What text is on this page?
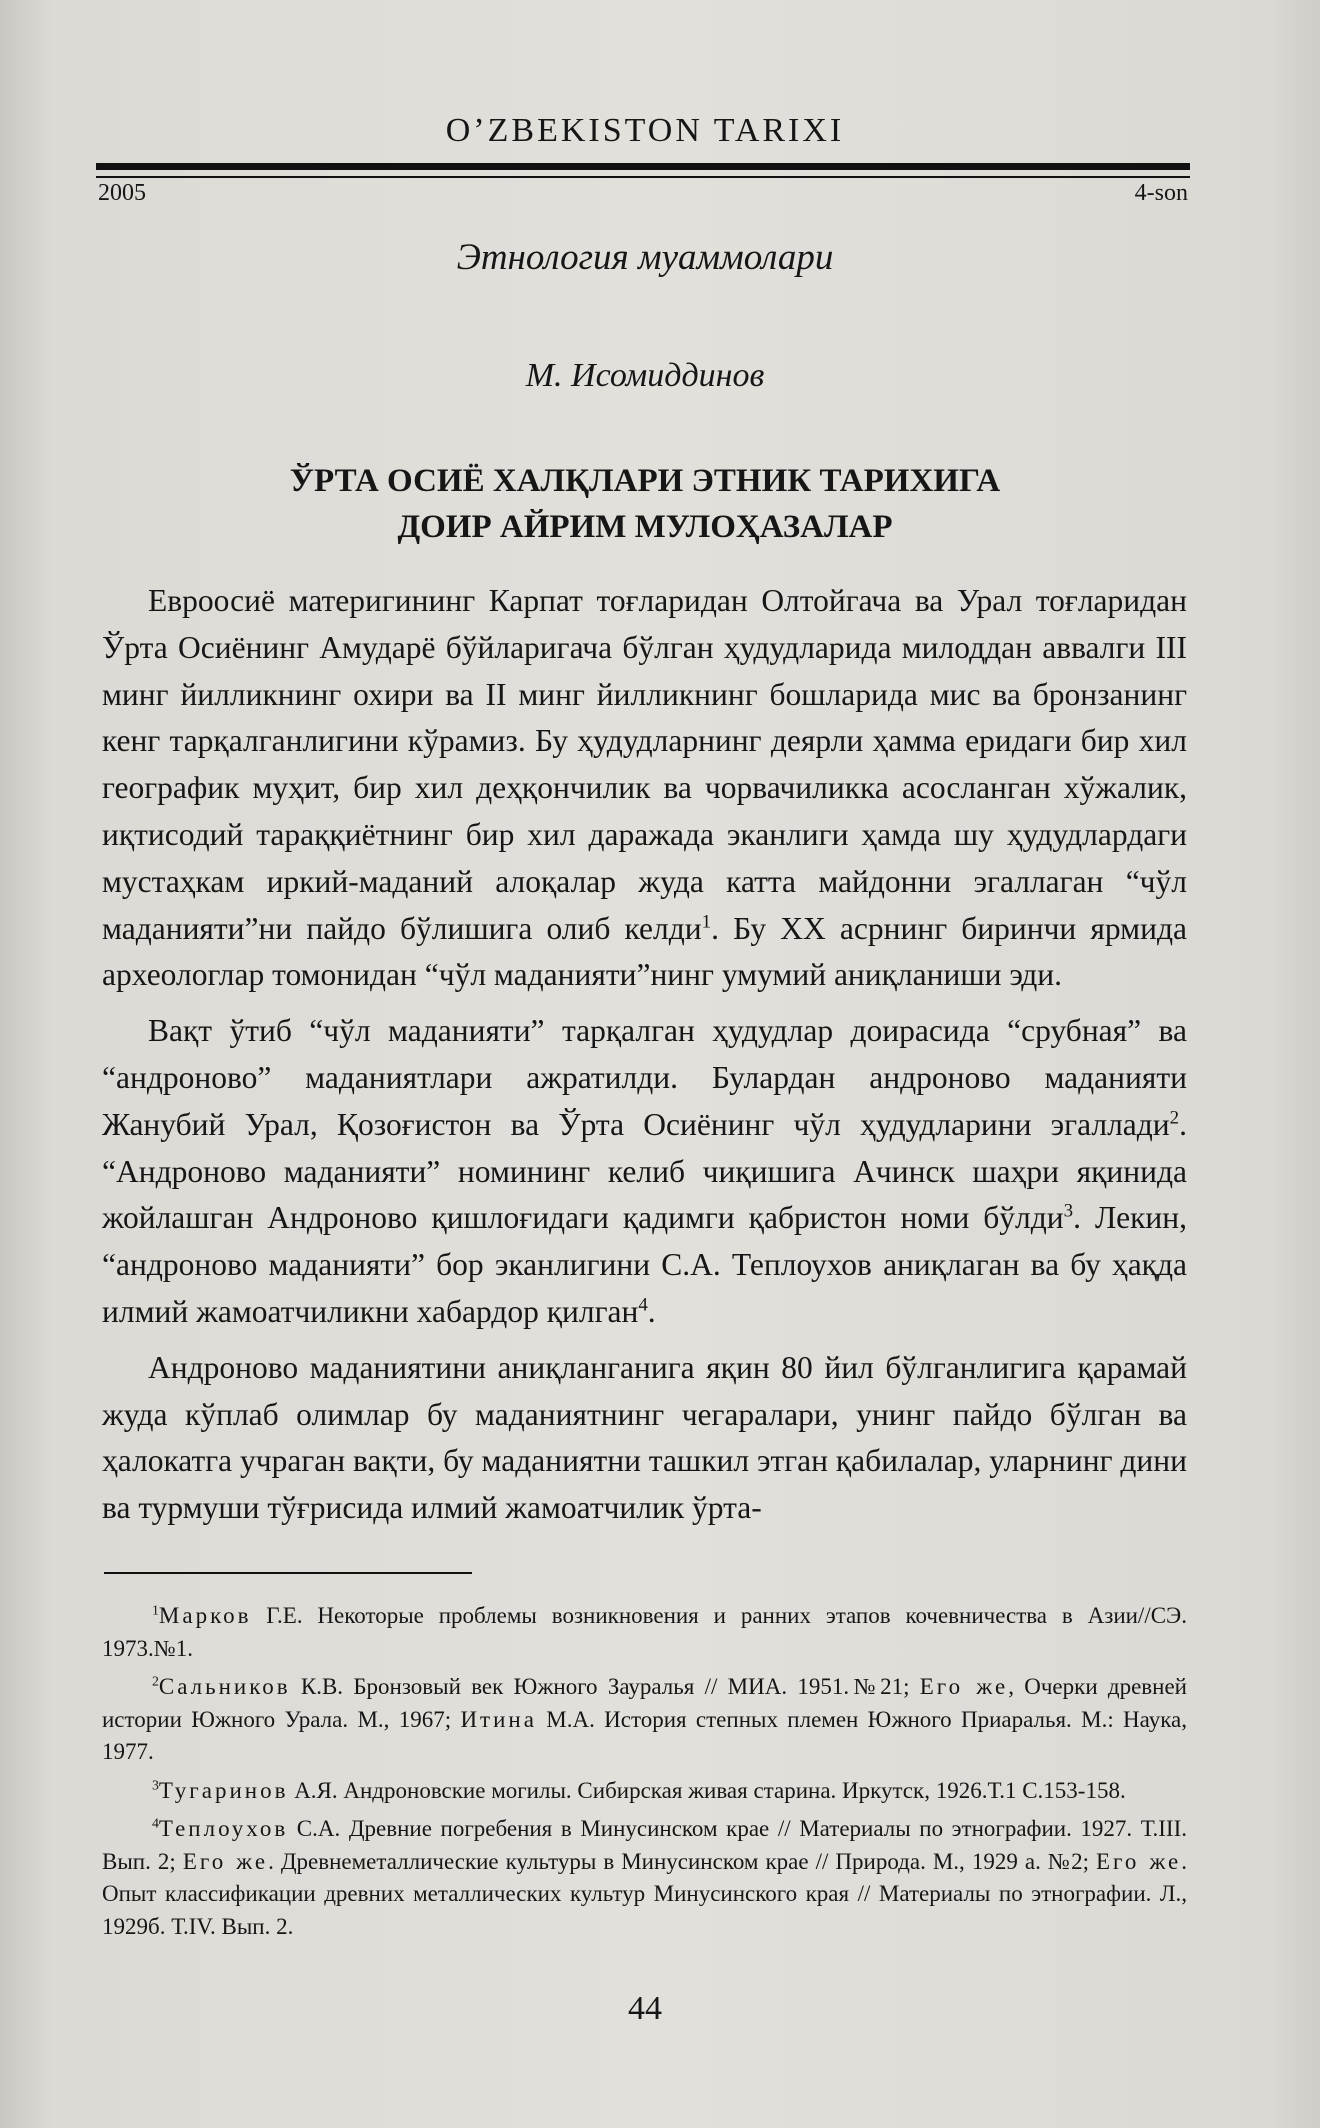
O’ZBEKISTON TARIXI
2005	4-son
Этнология муаммолари
М. Исомиддинов
ЎРТА ОСИЁ ХАЛҚЛАРИ ЭТНИК ТАРИХИГА
ДОИР АЙРИМ МУЛОҲАЗАЛАР

Евроосиё материгининг Карпат тоғларидан Олтойгача ва Урал тоғларидан Ўрта Осиёнинг Амударё бўйларигача бўлган ҳудудларида милоддан аввалги III минг йилликнинг охири ва II минг йилликнинг бошларида мис ва бронзанинг кенг тарқалганлигини кўрамиз. Бу ҳудудларнинг деярли ҳамма еридаги бир хил географик муҳит, бир хил деҳқончилик ва чорвачиликка асосланган хўжалик, иқтисодий тараққиётнинг бир хил даражада эканлиги ҳамда шу ҳудудлардаги мустаҳкам иркий-маданий алоқалар жуда катта майдонни эгаллаган “чўл маданияти”ни пайдо бўлишига олиб келди$^1$. Бу XX асрнинг биринчи ярмида археологлар томонидан “чўл маданияти”нинг умумий аниқланиши эди.

Вақт ўтиб “чўл маданияти” тарқалган ҳудудлар доирасида “срубная” ва “андроново” маданиятлари ажратилди. Булардан андроново маданияти Жанубий Урал, Қозоғистон ва Ўрта Осиёнинг чўл ҳудудларини эгаллади$^2$. “Андроново маданияти” номининг келиб чиқишига Ачинск шаҳри яқинида жойлашган Андроново қишлоғидаги қадимги қабристон номи бўлди$^3$. Лекин, “андроново маданияти” бор эканлигини С.А. Теплоухов аниқлаган ва бу ҳақда илмий жамоатчиликни хабардор қилган$^4$.

Андроново маданиятини аниқланганига яқин 80 йил бўлганлигига қарамай жуда кўплаб олимлар бу маданиятнинг чегаралари, унинг пайдо бўлган ва ҳалокатга учраган вақти, бу маданиятни ташкил этган қабилалар, уларнинг дини ва турмуши тўғрисида илмий жамоатчилик ўрта-

$^1$Марков Г.Е. Некоторые проблемы возникновения и ранних этапов кочевничества в Азии//СЭ. 1973.№1.

$^2$Сальников К.В. Бронзовый век Южного Зауралья // МИА. 1951.№21; Его же, Очерки древней истории Южного Урала. М., 1967; Итина М.А. История степных племен Южного Приаралья. М.: Наука, 1977.

$^3$Тугаринов А.Я. Андроновские могилы. Сибирская живая старина. Иркутск, 1926.Т.1 С.153-158.

$^4$Теплоухов С.А. Древние погребения в Минусинском крае // Материалы по этнографии. 1927. Т.III. Вып. 2; Его же. Древнеметаллические культуры в Минусинском крае // Природа. М., 1929 а. №2; Его же. Опыт классификации древних металлических культур Минусинского края // Материалы по этнографии. Л., 1929б. Т.IV. Вып. 2.

44
